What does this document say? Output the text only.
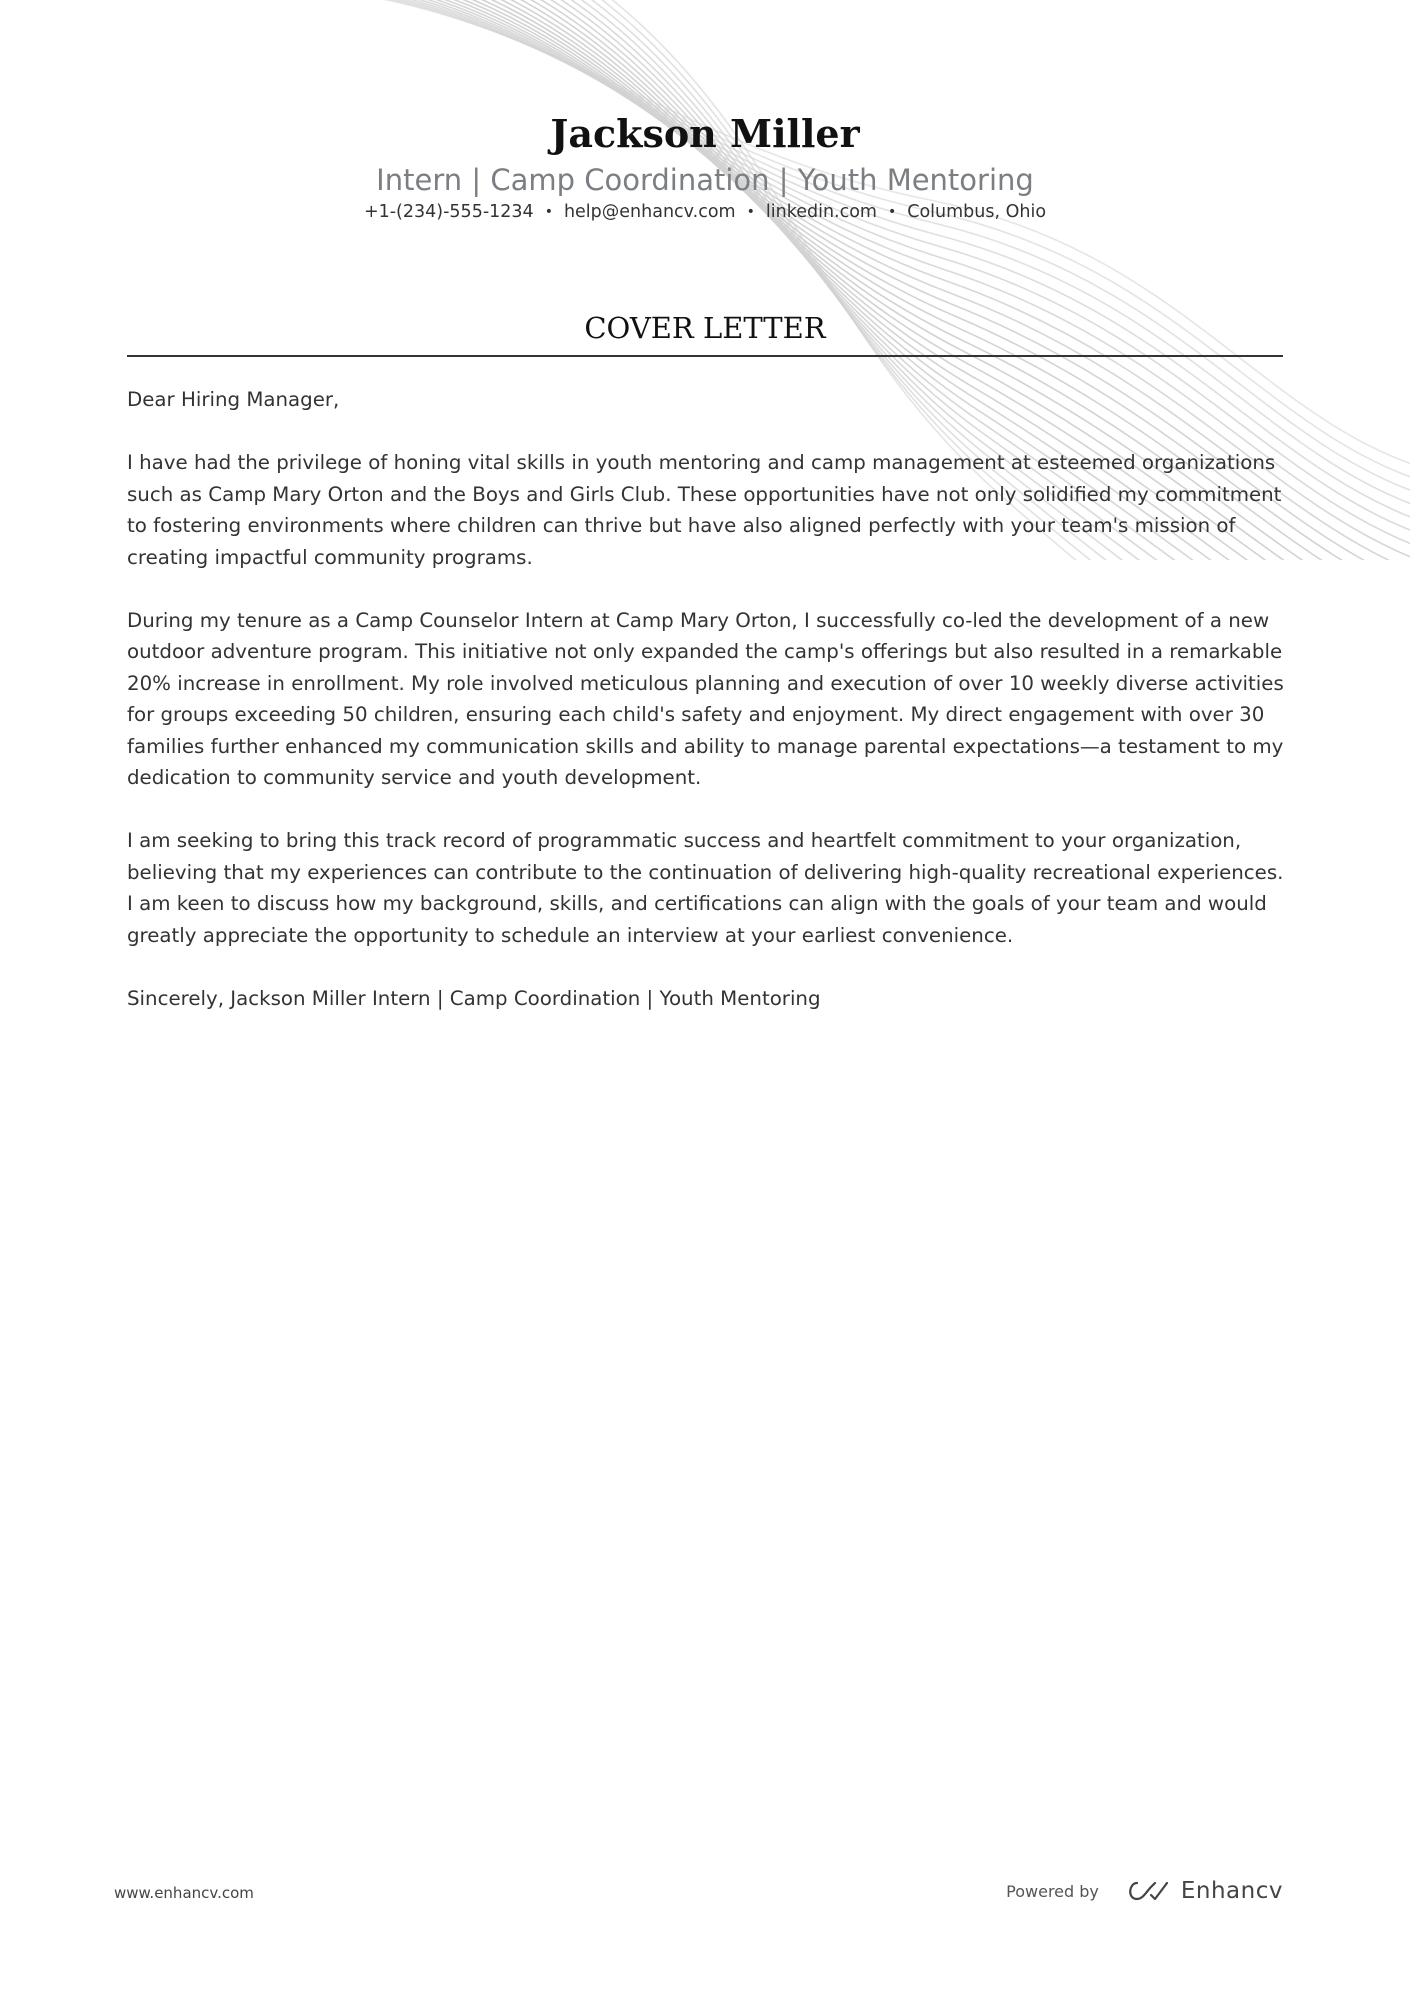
Jackson Miller
Intern | Camp Coordination | Youth Mentoring
+1-(234)-555-1234 • help@enhancv.com • linkedin.com • Columbus, Ohio
COVER LETTER

Dear Hiring Manager,

I have had the privilege of honing vital skills in youth mentoring and camp management at esteemed organizations such as Camp Mary Orton and the Boys and Girls Club. These opportunities have not only solidified my commitment to fostering environments where children can thrive but have also aligned perfectly with your team's mission of creating impactful community programs.

During my tenure as a Camp Counselor Intern at Camp Mary Orton, I successfully co-led the development of a new outdoor adventure program. This initiative not only expanded the camp's offerings but also resulted in a remarkable 20% increase in enrollment. My role involved meticulous planning and execution of over 10 weekly diverse activities for groups exceeding 50 children, ensuring each child's safety and enjoyment. My direct engagement with over 30 families further enhanced my communication skills and ability to manage parental expectations—a testament to my dedication to community service and youth development.

I am seeking to bring this track record of programmatic success and heartfelt commitment to your organization, believing that my experiences can contribute to the continuation of delivering high-quality recreational experiences. I am keen to discuss how my background, skills, and certifications can align with the goals of your team and would greatly appreciate the opportunity to schedule an interview at your earliest convenience.

Sincerely, Jackson Miller Intern | Camp Coordination | Youth Mentoring

www.enhancv.com	Powered by	Enhancv
